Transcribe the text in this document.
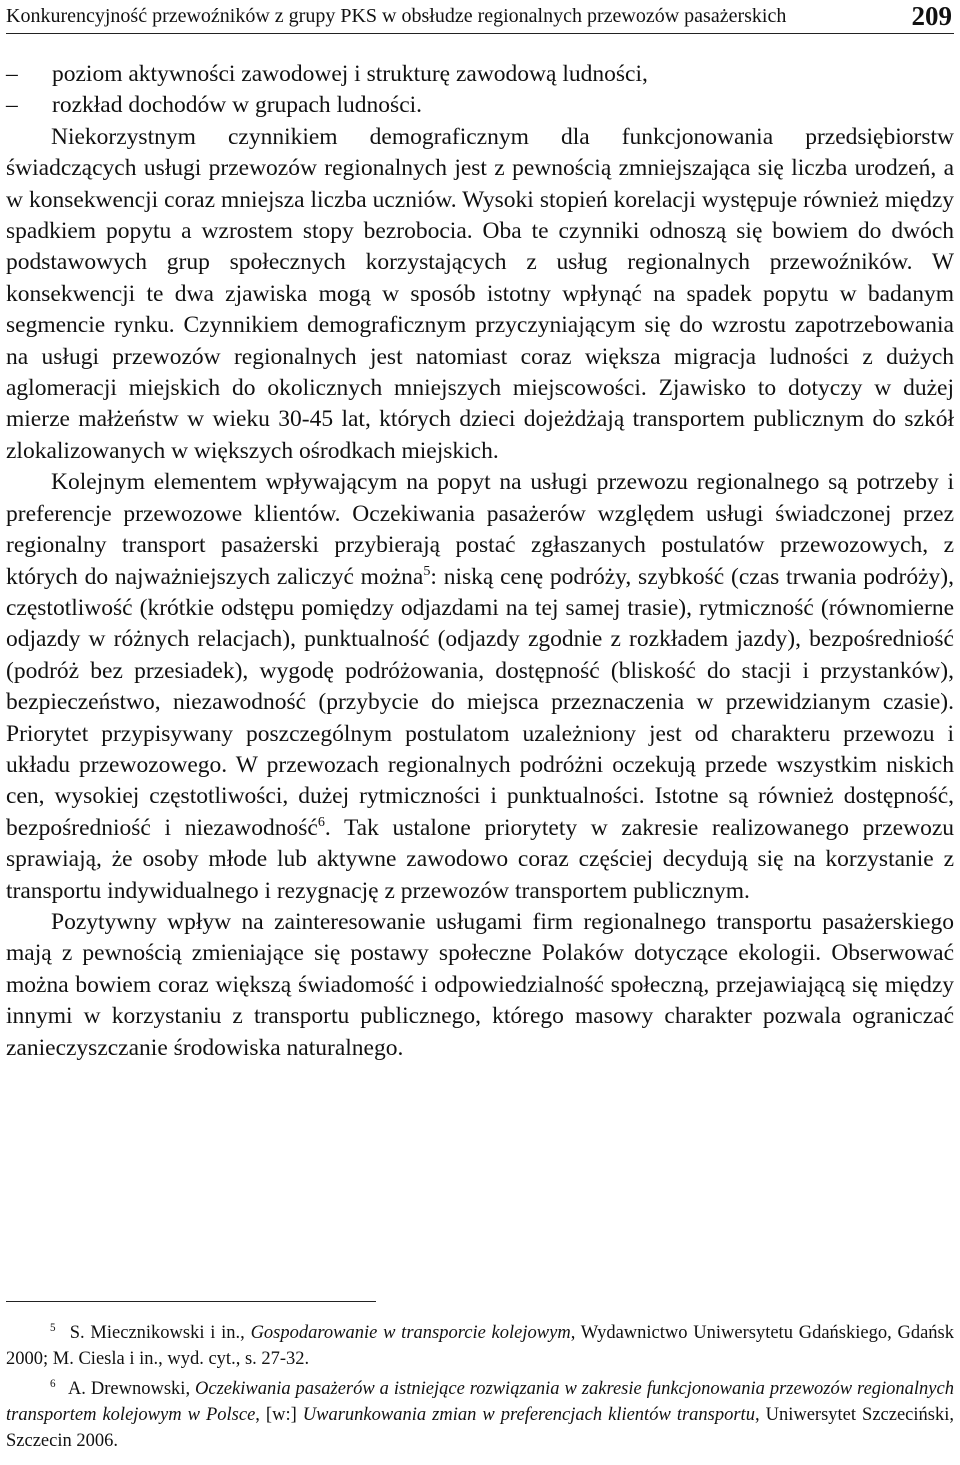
Konkurencyjność przewoźników z grupy PKS w obsłudze regionalnych przewozów pasażerskich	209
– poziom aktywności zawodowej i strukturę zawodową ludności,
– rozkład dochodów w grupach ludności.

Niekorzystnym czynnikiem demograficznym dla funkcjonowania przedsiębiorstw świadczących usługi przewozów regionalnych jest z pewnością zmniejszająca się liczba urodzeń, a w konsekwencji coraz mniejsza liczba uczniów. Wysoki stopień korelacji występuje również między spadkiem popytu a wzrostem stopy bezrobocia. Oba te czynniki odnoszą się bowiem do dwóch podstawowych grup społecznych korzystających z usług regionalnych przewoźników. W konsekwencji te dwa zjawiska mogą w sposób istotny wpłynąć na spadek popytu w badanym segmencie rynku. Czynnikiem demograficznym przyczyniającym się do wzrostu zapotrzebowania na usługi przewozów regionalnych jest natomiast coraz większa migracja ludności z dużych aglomeracji miejskich do okolicznych mniejszych miejscowości. Zjawisko to dotyczy w dużej mierze małżeństw w wieku 30-45 lat, których dzieci dojeżdżają transportem publicznym do szkół zlokalizowanych w większych ośrodkach miejskich.

Kolejnym elementem wpływającym na popyt na usługi przewozu regionalnego są potrzeby i preferencje przewozowe klientów. Oczekiwania pasażerów względem usługi świadczonej przez regionalny transport pasażerski przybierają postać zgłaszanych postulatów przewozowych, z których do najważniejszych zaliczyć można$^5$: niską cenę podróży, szybkość (czas trwania podróży), częstotliwość (krótkie odstępu pomiędzy odjazdami na tej samej trasie), rytmiczność (równomierne odjazdy w różnych relacjach), punktualność (odjazdy zgodnie z rozkładem jazdy), bezpośredniość (podróż bez przesiadek), wygodę podróżowania, dostępność (bliskość do stacji i przystanków), bezpieczeństwo, niezawodność (przybycie do miejsca przeznaczenia w przewidzianym czasie). Priorytet przypisywany poszczególnym postulatom uzależniony jest od charakteru przewozu i układu przewozowego. W przewozach regionalnych podróżni oczekują przede wszystkim niskich cen, wysokiej częstotliwości, dużej rytmiczności i punktualności. Istotne są również dostępność, bezpośredniość i niezawodność$^6$. Tak ustalone priorytety w zakresie realizowanego przewozu sprawiają, że osoby młode lub aktywne zawodowo coraz częściej decydują się na korzystanie z transportu indywidualnego i rezygnację z przewozów transportem publicznym.

Pozytywny wpływ na zainteresowanie usługami firm regionalnego transportu pasażerskiego mają z pewnością zmieniające się postawy społeczne Polaków dotyczące ekologii. Obserwować można bowiem coraz większą świadomość i odpowiedzialność społeczną, przejawiającą się między innymi w korzystaniu z transportu publicznego, którego masowy charakter pozwala ograniczać zanieczyszczanie środowiska naturalnego.

$^5$ S. Miecznikowski i in., Gospodarowanie w transporcie kolejowym, Wydawnictwo Uniwersytetu Gdańskiego, Gdańsk 2000; M. Ciesla i in., wyd. cyt., s. 27-32.
$^6$ A. Drewnowski, Oczekiwania pasażerów a istniejące rozwiązania w zakresie funkcjonowania przewozów regionalnych transportem kolejowym w Polsce, [w:] Uwarunkowania zmian w preferencjach klientów transportu, Uniwersytet Szczeciński, Szczecin 2006.
